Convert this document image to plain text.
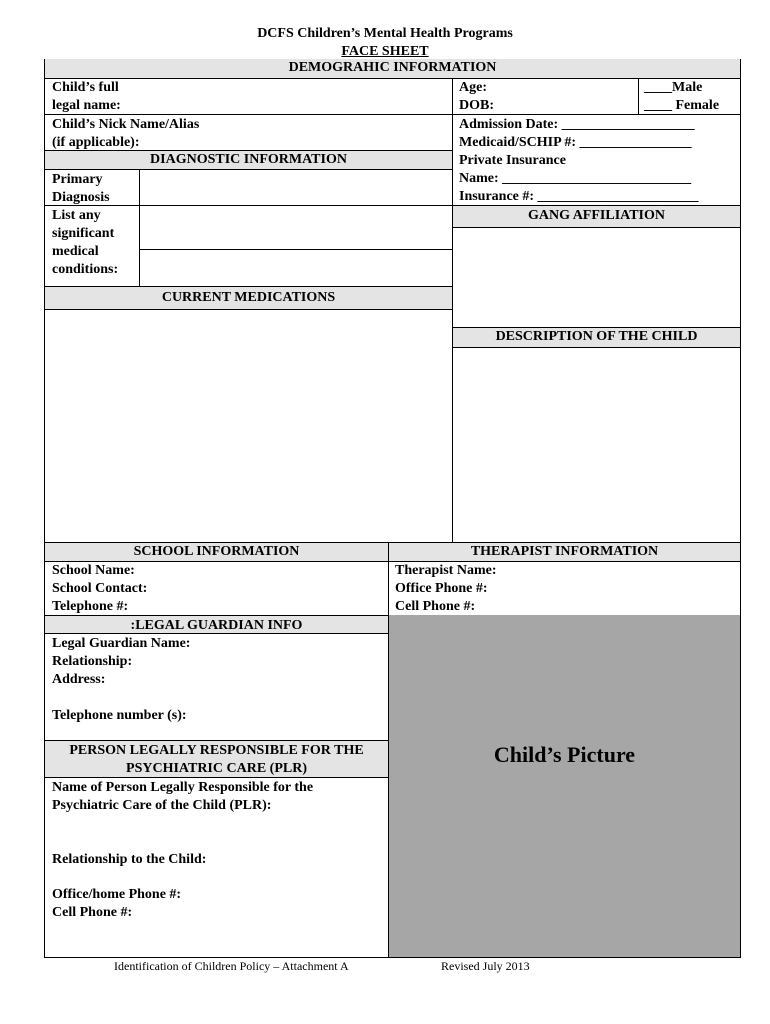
DCFS Children’s Mental Health Programs
FACE SHEET
DEMOGRAHIC INFORMATION
Child’s full
legal name:
Child’s Nick Name/Alias
(if applicable):
Age:
DOB:
____Male
____ Female
Admission Date: ___________________
Medicaid/SCHIP #: ________________
Private Insurance
Name: ___________________________
Insurance #: _______________________
DIAGNOSTIC INFORMATION
Primary
Diagnosis
List any
significant
medical
conditions:
CURRENT MEDICATIONS
GANG AFFILIATION
DESCRIPTION OF THE CHILD
SCHOOL INFORMATION	THERAPIST INFORMATION
School Name:
School Contact:
Telephone #:
Therapist Name:
Office Phone #:
Cell Phone #:
:LEGAL GUARDIAN INFO
Legal Guardian Name:
Relationship:
Address:
Telephone number (s):
PERSON LEGALLY RESPONSIBLE FOR THE
PSYCHIATRIC CARE (PLR)
Name of Person Legally Responsible for the
Psychiatric Care of the Child (PLR):
Relationship to the Child:
Office/home Phone #:
Cell Phone #:
Child’s Picture
Identification of Children Policy – Attachment A	Revised July 2013
